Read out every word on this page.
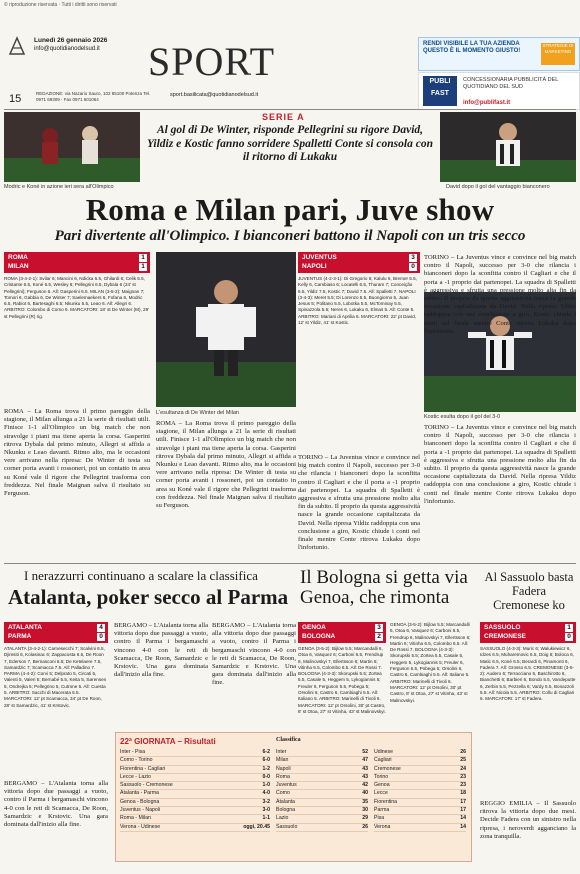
© riproduzione riservata · Tutti i diritti sono riservati
Lunedì 26 gennaio 2026
info@quotidianodelsud.it SPORT
15	REDAZIONE: via Nazario Sauro, 102 85100 Potenza Tel. 0971 69309 - Fax 0971 601064
sport.basilicata@quotidianodelsud.it
RENDI VISIBILE LA TUA AZIENDA QUESTO È IL MOMENTO GIUSTO!
STRATEGIE DI MARKETING
PUBLI FAST
CONCESSIONARIA PUBBLICITÀ DEL QUOTIDIANO DEL SUD
info@publifast.it
SERIE A
Al gol di De Winter, risponde Pellegrini su rigore David, Yildiz e Kostic fanno sorridere Spalletti Conte si consola con il ritorno di Lukaku
Modric e Koné in azione ieri sera all'Olimpico	David dopo il gol del vantaggio bianconero
Roma e Milan pari, Juve show
Pari divertente all'Olimpico. I bianconeri battono il Napoli con un tris secco
ROMA
MILAN
1
1
ROMA (3-4-2-1): Svilar 6; Mancini 6, Ndicka 6.5, Ghilardi 6; Celik 6.5, Cristante 6.5, Koné 6.5, Wesley 6; Pellegrini 6.5, Dybala 6 (24' st Pellegrini); Ferguson 6. All: Gasperini 6.5. MILAN (3-5-2): Maignan 7; Tomori 6, Gabbia 6, De Winter 7; Saelemaekers 6, Fofana 6, Modric 6.5, Rabiot 6, Bartesaghi 6.5; Nkunku 5.5, Leao 6. All: Allegri 6. ARBITRO: Colombo di Como 6. MARCATORI: 18' st De Winter (M), 29' st Pellegrini (R) rig.
ROMA – La Roma trova il primo pareggio della stagione, il Milan allunga a 21 la serie di risultati utili. Finisce 1-1 all'Olimpico un big match che non stravolge i piani ma tiene aperta la corsa. Gasperini ritrova Dybala dal primo minuto, Allegri si affida a Nkunku e Leao davanti. Ritmo alto, ma le occasioni vere arrivano nella ripresa: De Winter di testa su corner porta avanti i rossoneri, poi un contatto in area su Koné vale il rigore che Pellegrini trasforma con freddezza. Nel finale Maignan salva il risultato su Ferguson.
L'esultanza di De Winter del Milan
ROMA – La Roma trova il primo pareggio della stagione, il Milan allunga a 21 la serie di risultati utili. Finisce 1-1 all'Olimpico un big match che non stravolge i piani ma tiene aperta la corsa. Gasperini ritrova Dybala dal primo minuto, Allegri si affida a Nkunku e Leao davanti. Ritmo alto, ma le occasioni vere arrivano nella ripresa: De Winter di testa su corner porta avanti i rossoneri, poi un contatto in area su Koné vale il rigore che Pellegrini trasforma con freddezza. Nel finale Maignan salva il risultato su Ferguson.
JUVENTUS
NAPOLI
3
0
JUVENTUS (4-2-3-1): Di Gregorio 6; Kalulu 6, Bremer 6.5, Kelly 6, Cambiaso 6; Locatelli 6.5, Thuram 7; Conceição 6.5, Yildiz 7.5, Kostic 7; David 7.5. All: Spalletti 7. NAPOLI (3-4-3): Meret 5.5; Di Lorenzo 5.5, Buongiorno 5, Juan Jesus 5; Politano 5.5, Lobotka 5.5, McTominay 5.5, Spinazzola 5.5; Neres 6, Lukaku 6, Elmas 5. All: Conte 5. ARBITRO: Mariani di Aprilia 6. MARCATORI: 22' pt David, 12' st Yildiz, 41' st Kostic.
TORINO – La Juventus vince e convince nel big match contro il Napoli, successo per 3-0 che rilancia i bianconeri dopo la sconfitta contro il Cagliari e che il porta a -1 proprio dai partenopei. La squadra di Spalletti è aggressiva e sfrutta una pressione molto alta fin da subito. Il proprio da questa aggressività nasce la grande occasione capitalizzata da David. Nella ripresa Yildiz raddoppia con una conclusione a giro, Kostic chiude i conti nel finale mentre Conte ritrova Lukaku dopo l'infortunio.
Kostic esulta dopo il gol del 3-0
TORINO – La Juventus vince e convince nel big match contro il Napoli, successo per 3-0 che rilancia i bianconeri dopo la sconfitta contro il Cagliari e che il porta a -1 proprio dai partenopei. La squadra di Spalletti è aggressiva e sfrutta una pressione molto alta fin da subito. Il proprio da questa aggressività nasce la grande occasione capitalizzata da David. Nella ripresa Yildiz raddoppia con una conclusione a giro, Kostic chiude i conti nel finale mentre Conte ritrova Lukaku dopo l'infortunio.
TORINO – La Juventus vince e convince nel big match contro il Napoli, successo per 3-0 che rilancia i bianconeri dopo la sconfitta contro il Cagliari e che il porta a -1 proprio dai partenopei. La squadra di Spalletti è aggressiva e sfrutta una pressione molto alta fin da subito. Il proprio da questa aggressività nasce la grande occasione capitalizzata da David. Nella ripresa Yildiz raddoppia con una conclusione a giro, Kostic chiude i conti nel finale mentre Conte ritrova Lukaku dopo l'infortunio.
I nerazzurri continuano a scalare la classifica
Atalanta, poker secco al Parma
ATALANTA
PARMA
4
0
ATALANTA (3-4-2-1): Carnesecchi 7; Scalvini 6.5, Djimsiti 6, Kolasinac 6; Zappacosta 6.5, De Roon 7, Ederson 7, Bernasconi 6.5; De Ketelaere 7.5, Samardzic 7; Scamacca 7.5. All: Palladino 7. PARMA (4-4-2): Corvi 5; Delprato 5, Circati 5, Valenti 5, Valeri 5; Bernabé 5.5, Keita 5, Sørensen 5, Ondrejka 5; Pellegrino 5, Cutrone 5. All: Cuesta 5. ARBITRO: Sacchi di Macerata 6.5. MARCATORI: 12' pt Scamacca, 34' pt De Roon, 28' st Samardzic, 41' st Krstovic.
BERGAMO – L'Atalanta torna alla vittoria dopo due passaggi a vuoto, contro il Parma i bergamaschi vincono 4-0 con le reti di Scamacca, De Roon, Samardzic e Krstovic. Una gara dominata dall'inizio alla fine.
BERGAMO – L'Atalanta torna alla vittoria dopo due passaggi a vuoto, contro il Parma i bergamaschi vincono 4-0 con le reti di Scamacca, De Roon, Samardzic e Krstovic. Una gara dominata dall'inizio alla fine.
BERGAMO – L'Atalanta torna alla vittoria dopo due passaggi a vuoto, contro il Parma i bergamaschi vincono 4-0 con le reti di Scamacca, De Roon, Samardzic e Krstovic. Una gara dominata dall'inizio alla fine.
Il Bologna si getta via Genoa, che rimonta
GENOA
BOLOGNA
3
2
GENOA (3-5-2): Bijlow 5.5; Marcandalli 6, Otoa 6, Vasquez 6; Carboni 6.5, Frendrup 6, Malinovskyi 7, Ellertsson 6; Martin 6; Vitinha 6.5, Colombo 6.5. All: De Rossi 7. BOLOGNA (4-3-3): Skorupski 5.5; Zortea 5.5, Casale 5, Heggem 5, Lykogiannis 5; Freuler 6, Ferguson 5.5, Pobega 5; Orsolini 6, Castro 6, Cambiaghi 5.5. All: Italiano 5. ARBITRO: Marinelli di Tivoli 6. MARCATORI: 12' pt Orsolini, 30' pt Castro, 8' st Otoa, 27' st Vitinha, 43' st Malinovskyi.
GENOA (3-5-2): Bijlow 5.5; Marcandalli 6, Otoa 6, Vasquez 6; Carboni 6.5, Frendrup 6, Malinovskyi 7, Ellertsson 6; Martin 6; Vitinha 6.5, Colombo 6.5. All: De Rossi 7. BOLOGNA (4-3-3): Skorupski 5.5; Zortea 5.5, Casale 5, Heggem 5, Lykogiannis 5; Freuler 6, Ferguson 5.5, Pobega 5; Orsolini 6, Castro 6, Cambiaghi 5.5. All: Italiano 5. ARBITRO: Marinelli di Tivoli 6. MARCATORI: 12' pt Orsolini, 30' pt Castro, 8' st Otoa, 27' st Vitinha, 43' st Malinovskyi.
Al Sassuolo basta Fadera Cremonese ko
SASSUOLO
CREMONESE
1
0
SASSUOLO (4-3-3): Muric 6; Walukiewicz 6, Idzes 6.5, Muharemovic 6.5, Doig 6; Boloca 6, Matic 6.5, Koné 6.5; Berardi 6, Pinamonti 6, Fadera 7. All: Grosso 6.5. CREMONESE (3-5-2): Audero 6; Terracciano 6, Baschirotto 6, Bianchetti 6; Barbieri 6, Bondo 5.5, Vandeputte 6, Zerbin 5.5, Pezzella 6; Vardy 5.5, Bonazzoli 5.5. All: Nicola 5.5. ARBITRO: Collu di Cagliari 6. MARCATORI: 17' st Fadera.
REGGIO EMILIA – Il Sassuolo ritrova la vittoria dopo due mesi. Decide Fadera con un sinistro nella ripresa, i neroverdi agganciano la zona tranquilla.
22ª GIORNATA – Risultati
Inter - Pisa	6-2
Como - Torino	6-0
Fiorentina - Cagliari	1-2
Lecce - Lazio	0-0
Sassuolo - Cremonese	1-0
Atalanta - Parma	4-0
Genoa - Bologna	3-2
Juventus - Napoli	3-0
Roma - Milan	1-1
Verona - Udinese	oggi, 20.45
Classifica
Inter	52
Milan	47
Napoli	43
Roma	43
Juventus	42
Como	40
Atalanta	35
Bologna	30
Lazio	29
Sassuolo	26
Udinese	26
Cagliari	25
Cremonese	24
Torino	23
Genoa	23
Lecce	18
Fiorentina	17
Parma	17
Pisa	14
Verona	14
